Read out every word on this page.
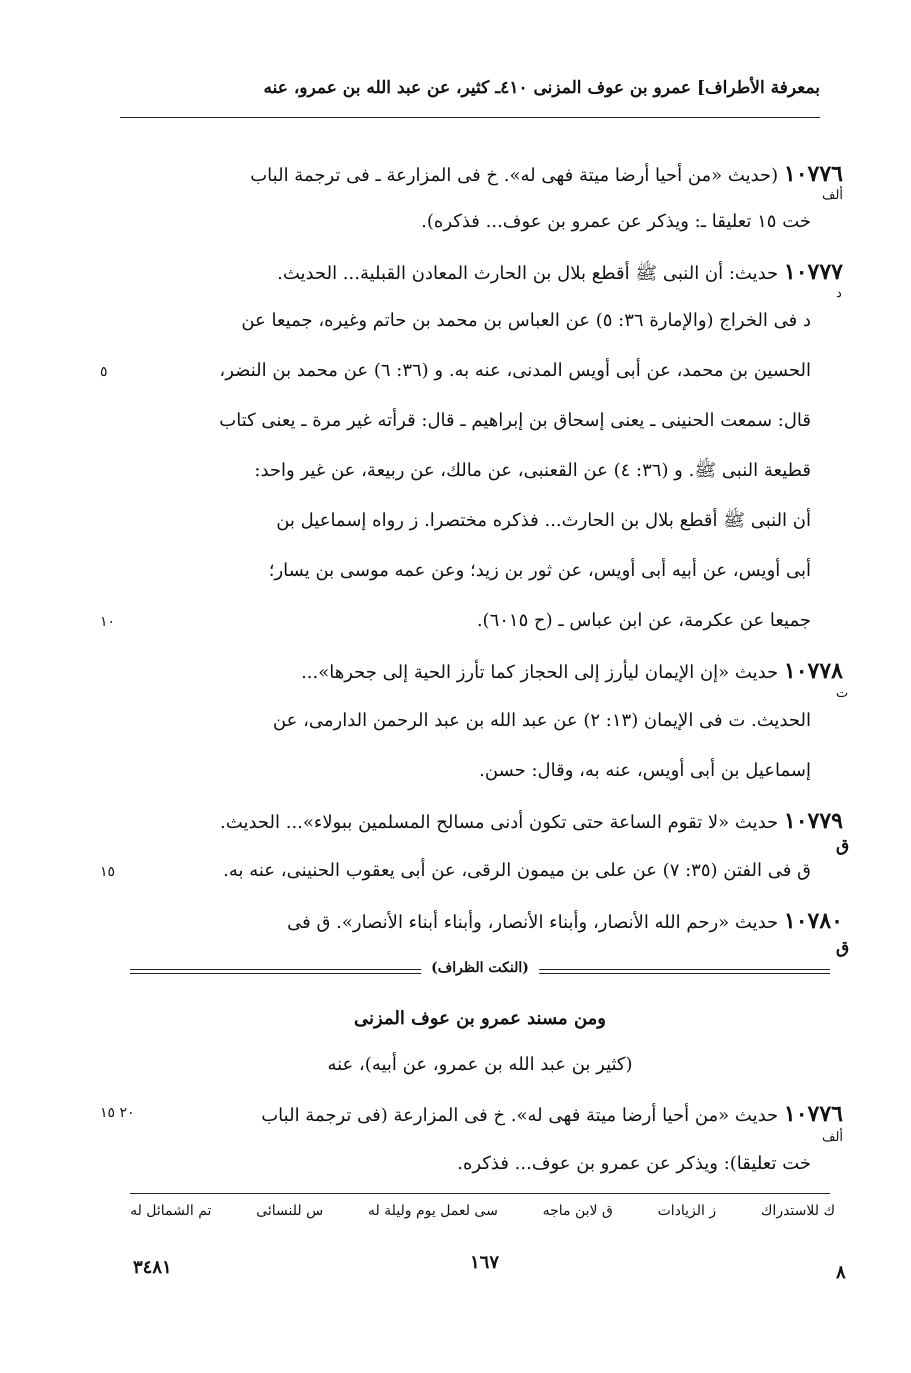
بمعرفة الأطراف] عمرو بن عوف المزنى ٤١٠ـ كثير، عن عبد الله بن عمرو، عنه
١٠٧٧٦ (حديث «من أحيا أرضا ميتة فهى له». خ فى المزارعة ـ فى ترجمة الباب
خت ١٥ تعليقا ـ: ويذكر عن عمرو بن عوف... فذكره).
١٠٧٧٧ حديث: أن النبى ﷺ أقطع بلال بن الحارث المعادن القبلية... الحديث.
د فى الخراج (والإمارة ٣٦: ٥) عن العباس بن محمد بن حاتم وغيره، جميعا عن
الحسين بن محمد، عن أبى أويس المدنى، عنه به. و (٣٦: ٦) عن محمد بن النضر،
قال: سمعت الحنينى ـ يعنى إسحاق بن إبراهيم ـ قال: قرأته غير مرة ـ يعنى كتاب
قطيعة النبى ﷺ. و (٣٦: ٤) عن القعنبى، عن مالك، عن ربيعة، عن غير واحد:
أن النبى ﷺ أقطع بلال بن الحارث... فذكره مختصرا. ز رواه إسماعيل بن
أبى أويس، عن أبيه أبى أويس، عن ثور بن زيد؛ وعن عمه موسى بن يسار؛
جميعا عن عكرمة، عن ابن عباس ـ (ح ٦٠١٥).
١٠٧٧٨ حديث «إن الإيمان ليأرز إلى الحجاز كما تأرز الحية إلى جحرها»...
الحديث. ت فى الإيمان (١٣: ٢) عن عبد الله بن عبد الرحمن الدارمى، عن
إسماعيل بن أبى أويس، عنه به، وقال: حسن.
١٠٧٧٩ حديث «لا تقوم الساعة حتى تكون أدنى مسالح المسلمين ببولاء»... الحديث.
ق فى الفتن (٣٥: ٧) عن على بن ميمون الرقى، عن أبى يعقوب الحنينى، عنه به.
١٠٧٨٠ حديث «رحم الله الأنصار، وأبناء الأنصار، وأبناء أبناء الأنصار». ق فى
ألف
د
ت
ق
ق
ألف
٥
١٠
١٥
٢٠ ١٥
(النكت الظراف)
ومن مسند عمرو بن عوف المزنى
(كثير بن عبد الله بن عمرو، عن أبيه)، عنه
١٠٧٧٦ حديث «من أحيا أرضا ميتة فهى له». خ فى المزارعة (فى ترجمة الباب
خت تعليقا): ويذكر عن عمرو بن عوف... فذكره.
تم الشمائل له	س للنسائى	سى لعمل يوم وليلة له	ق لابن ماجه	ز الزيادات	ك للاستدراك
٨
١٦٧
٣٤٨١
